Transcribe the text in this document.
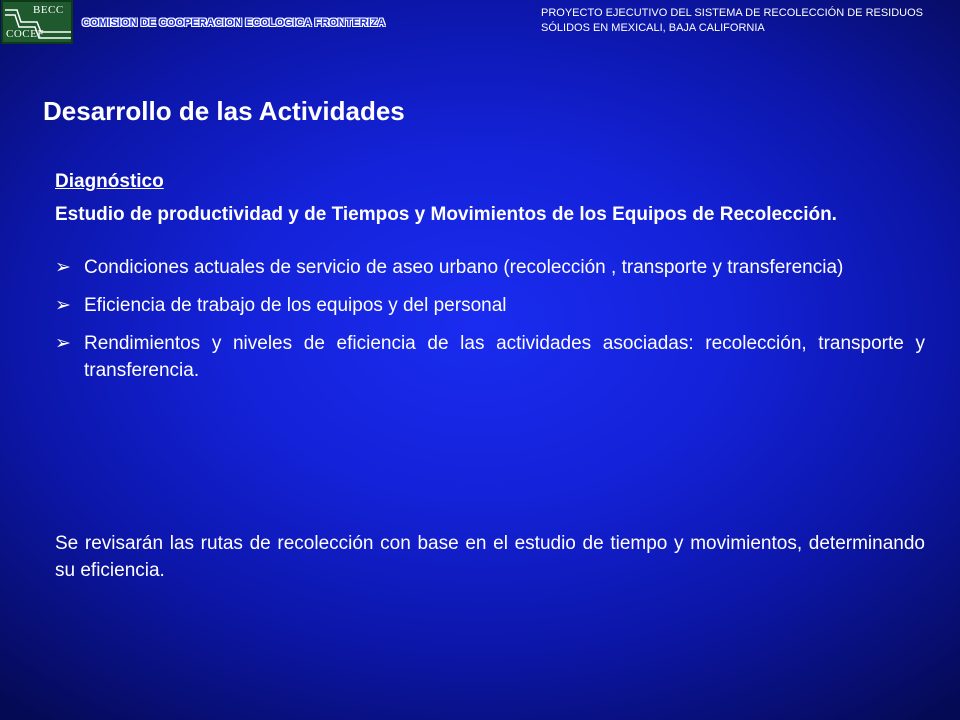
BECC
COCEF
COMISION DE COOPERACION ECOLOGICA FRONTERIZA
PROYECTO EJECUTIVO DEL SISTEMA DE RECOLECCIÓN DE RESIDUOS SÓLIDOS EN MEXICALI, BAJA CALIFORNIA
Desarrollo de las Actividades
Diagnóstico
Estudio de productividad y de Tiempos y Movimientos de los Equipos de Recolección.
➢ Condiciones actuales de servicio de aseo urbano (recolección , transporte y transferencia)
➢ Eficiencia de trabajo de los equipos y del personal
➢ Rendimientos y niveles de eficiencia de las actividades asociadas: recolección, transporte y transferencia.

Se revisarán las rutas de recolección con base en el estudio de tiempo y movimientos, determinando su eficiencia.
